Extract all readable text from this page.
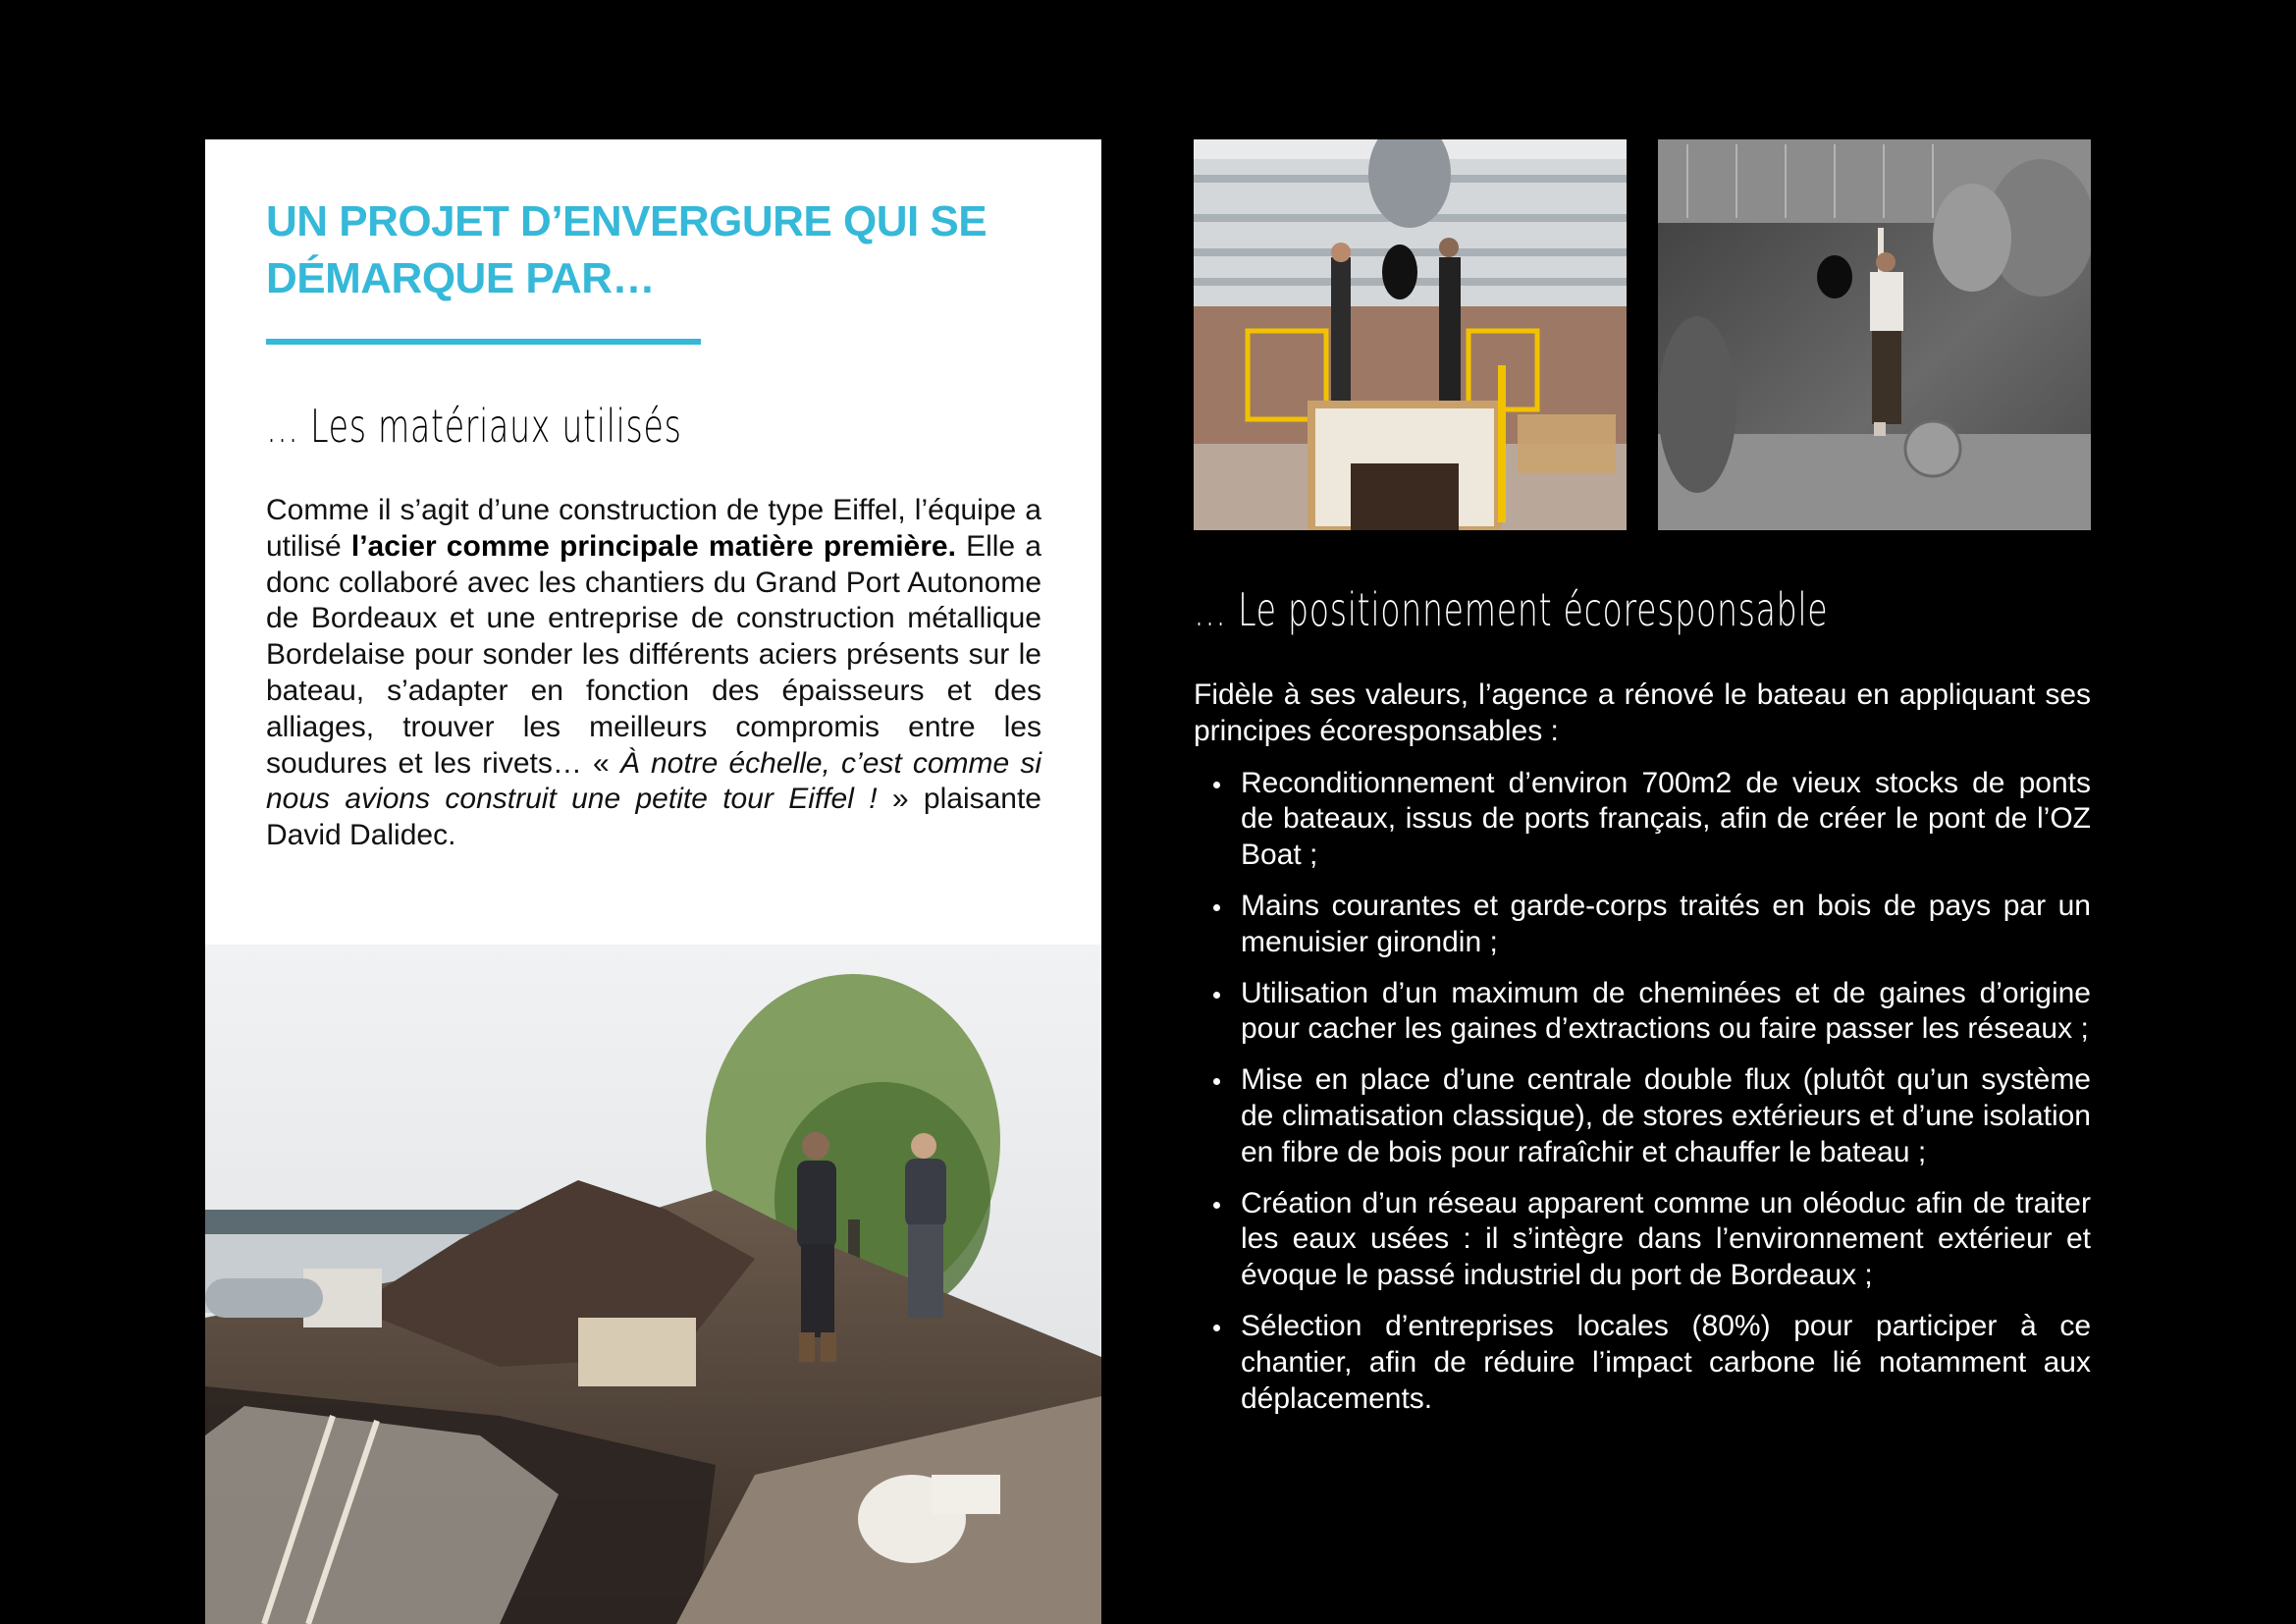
UN PROJET D’ENVERGURE QUI SE DÉMARQUE PAR…
… Les matériaux utilisés
Comme il s’agit d’une construction de type Eiffel, l’équipe a utilisé l’acier comme principale matière première. Elle a donc collaboré avec les chantiers du Grand Port Autonome de Bordeaux et une entreprise de construction métallique Bordelaise pour sonder les différents aciers présents sur le bateau, s’adapter en fonction des épaisseurs et des alliages, trouver les meilleurs compromis entre les soudures et les rivets… « À notre échelle, c’est comme si nous avions construit une petite tour Eiffel ! » plaisante David Dalidec.
… Le positionnement écoresponsable

Fidèle à ses valeurs, l’agence a rénové le bateau en appliquant ses principes écoresponsables :

Reconditionnement d’environ 700m2 de vieux stocks de ponts de bateaux, issus de ports français, afin de créer le pont de l’OZ Boat ;
Mains courantes et garde-corps traités en bois de pays par un menuisier girondin ;
Utilisation d’un maximum de cheminées et de gaines d’origine pour cacher les gaines d’extractions ou faire passer les réseaux ;
Mise en place d’une centrale double flux (plutôt qu’un système de climatisation classique), de stores extérieurs et d’une isolation en fibre de bois pour rafraîchir et chauffer le bateau ;
Création d’un réseau apparent comme un oléoduc afin de traiter les eaux usées : il s’intègre dans l’environnement extérieur et évoque le passé industriel du port de Bordeaux ;
Sélection d’entreprises locales (80%) pour participer à ce chantier, afin de réduire l’impact carbone lié notamment aux déplacements.
